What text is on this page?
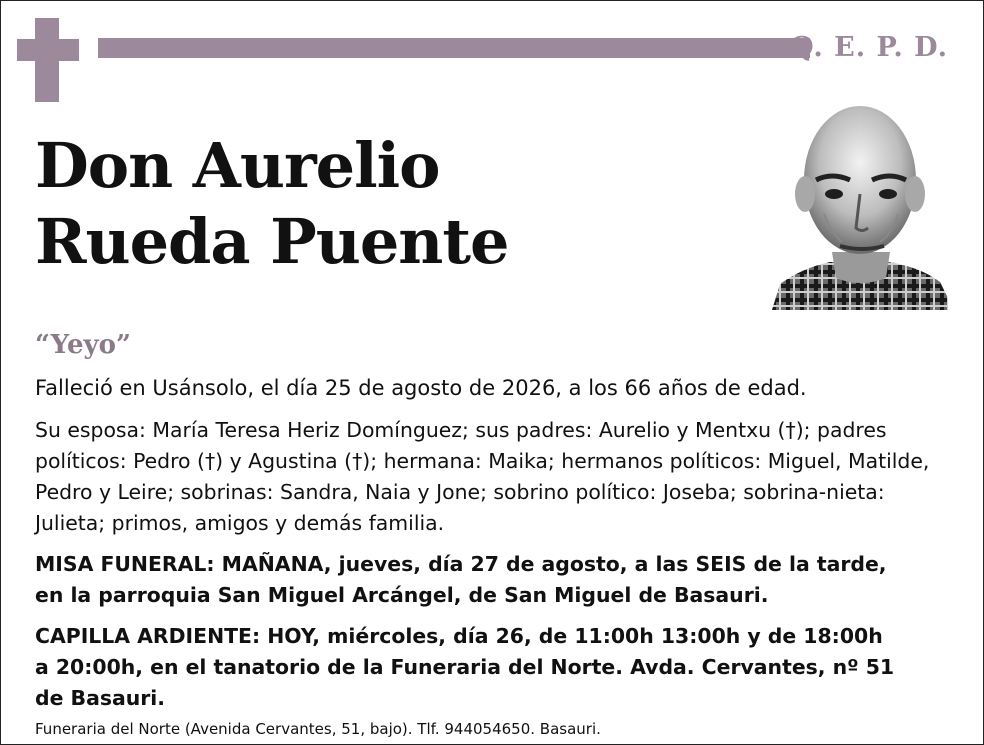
Q. E. P. D.
Don Aurelio
Rueda Puente
“Yeyo”
Falleció en Usánsolo, el día 25 de agosto de 2026, a los 66 años de edad.
Su esposa: María Teresa Heriz Domínguez; sus padres: Aurelio y Mentxu (†); padres políticos: Pedro (†) y Agustina (†); hermana: Maika; hermanos políticos: Miguel, Matilde, Pedro y Leire; sobrinas: Sandra, Naia y Jone; sobrino político: Joseba; sobrina-nieta: Julieta; primos, amigos y demás familia.
MISA FUNERAL: MAÑANA, jueves, día 27 de agosto, a las SEIS de la tarde,
en la parroquia San Miguel Arcángel, de San Miguel de Basauri.
CAPILLA ARDIENTE: HOY, miércoles, día 26, de 11:00h 13:00h y de 18:00h
a 20:00h, en el tanatorio de la Funeraria del Norte. Avda. Cervantes, nº 51
de Basauri.
Funeraria del Norte (Avenida Cervantes, 51, bajo). Tlf. 944054650. Basauri.
